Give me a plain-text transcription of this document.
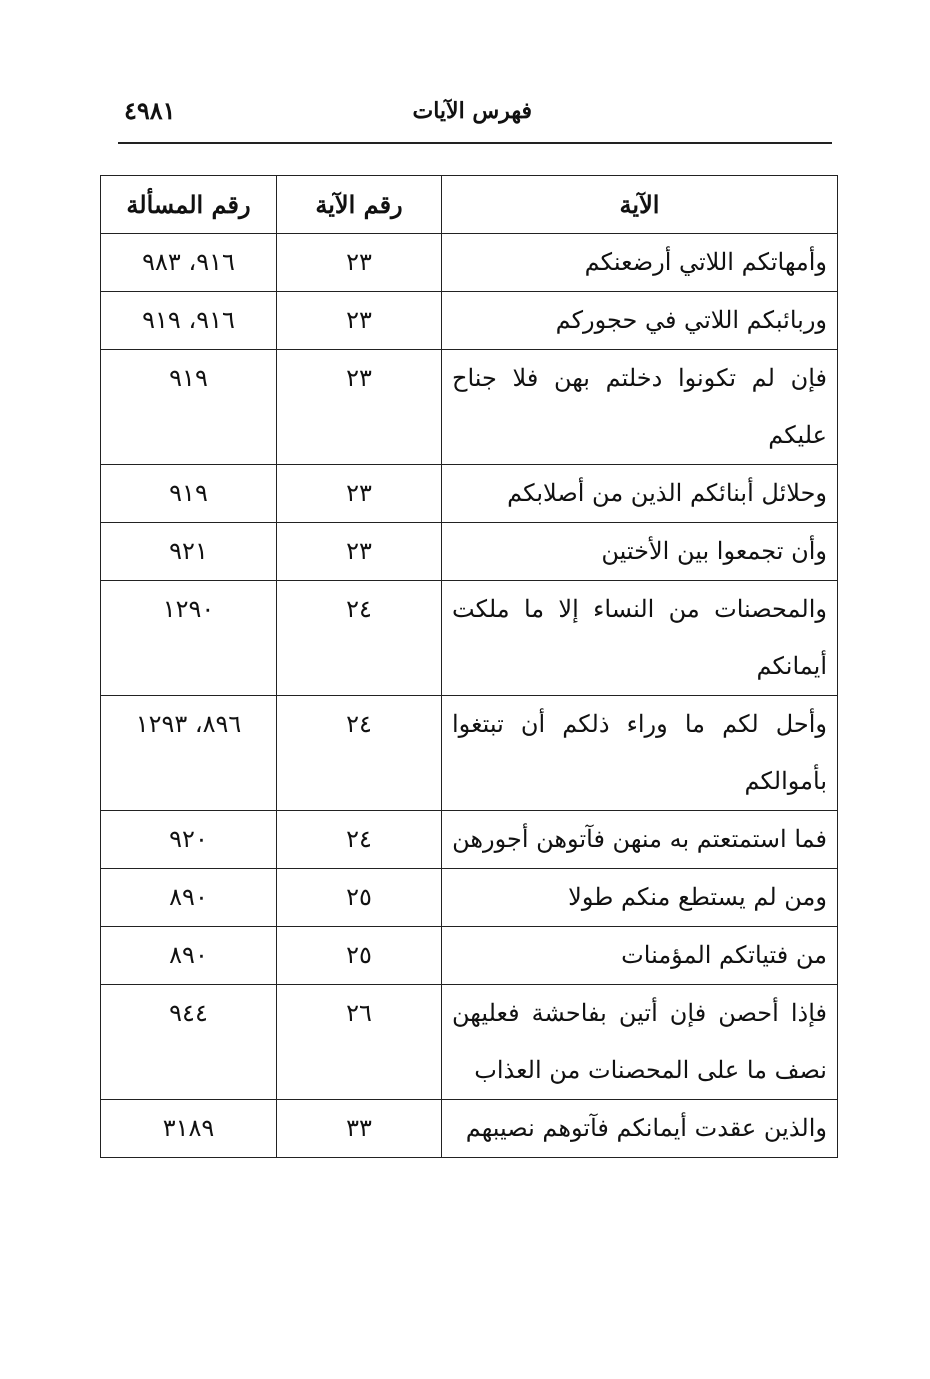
فهرس الآيات
٤٩٨١
الآية	رقم الآية	رقم المسألة
وأمهاتكم اللاتي أرضعنكم	٢٣	٩١٦، ٩٨٣
وربائبكم اللاتي في حجوركم	٢٣	٩١٦، ٩١٩
فإن لم تكونوا دخلتم بهن فلا جناح عليكم	٢٣	٩١٩
وحلائل أبنائكم الذين من أصلابكم	٢٣	٩١٩
وأن تجمعوا بين الأختين	٢٣	٩٢١
والمحصنات من النساء إلا ما ملكت أيمانكم	٢٤	١٢٩٠
وأحل لكم ما وراء ذلكم أن تبتغوا بأموالكم	٢٤	٨٩٦، ١٢٩٣
فما استمتعتم به منهن فآتوهن أجورهن	٢٤	٩٢٠
ومن لم يستطع منكم طولا	٢٥	٨٩٠
من فتياتكم المؤمنات	٢٥	٨٩٠
فإذا أحصن فإن أتين بفاحشة فعليهن نصف ما على المحصنات من العذاب	٢٦	٩٤٤
والذين عقدت أيمانكم فآتوهم نصيبهم	٣٣	٣١٨٩
